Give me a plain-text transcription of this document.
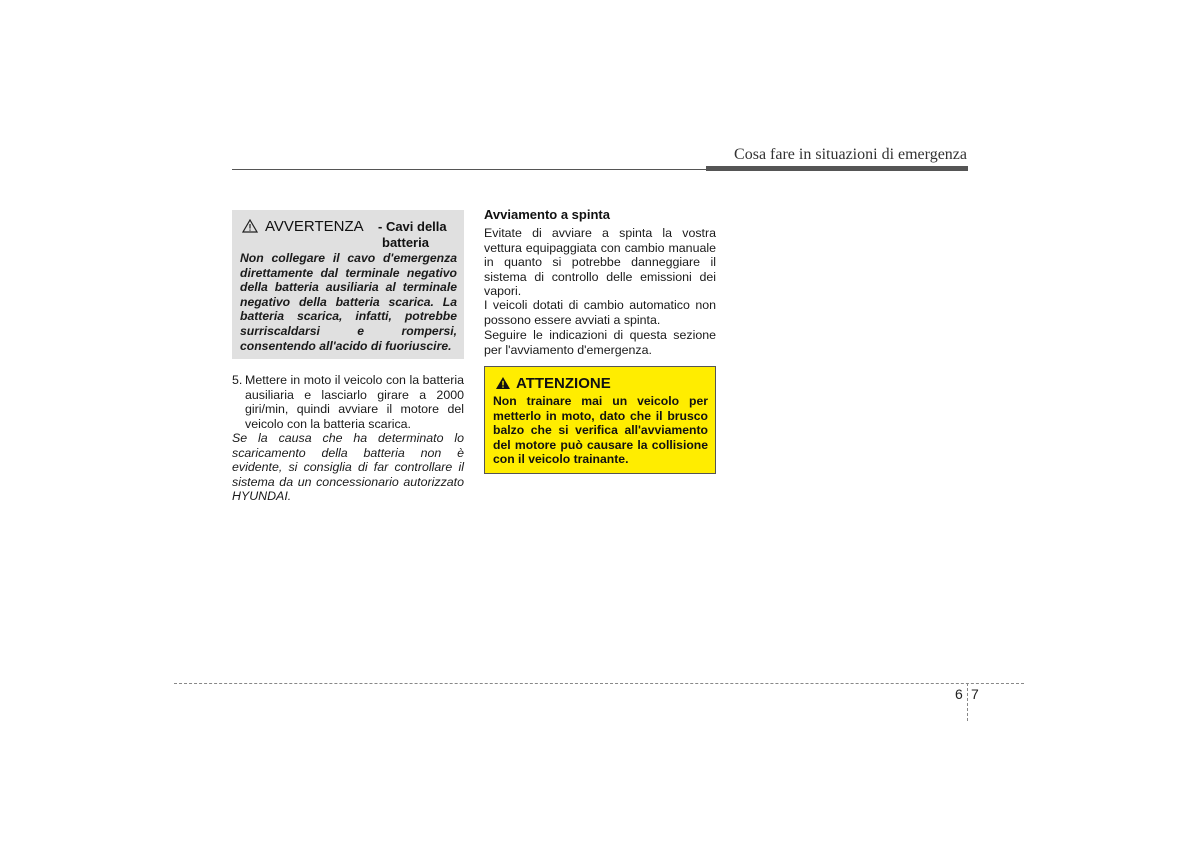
Cosa fare in situazioni di emergenza
AVVERTENZA - Cavi della
batteria

Non collegare il cavo d'emergenza direttamente dal terminale negativo della batteria ausiliaria al terminale negativo della batteria scarica. La batteria scarica, infatti, potrebbe surriscaldarsi e rompersi, consentendo all'acido di fuoriuscire.

5. Mettere in moto il veicolo con la batteria ausiliaria e lasciarlo girare a 2000 giri/min, quindi avviare il motore del veicolo con la batteria scarica.

Se la causa che ha determinato lo scaricamento della batteria non è evidente, si consiglia di far controllare il sistema da un concessionario autorizzato HYUNDAI.

Avviamento a spinta

Evitate di avviare a spinta la vostra vettura equipaggiata con cambio manuale in quanto si potrebbe danneggiare il sistema di controllo delle emissioni dei vapori.

I veicoli dotati di cambio automatico non possono essere avviati a spinta.

Seguire le indicazioni di questa sezione per l'avviamento d'emergenza.

ATTENZIONE

Non trainare mai un veicolo per metterlo in moto, dato che il brusco balzo che si verifica all'avviamento del motore può causare la collisione con il veicolo trainante.

6 7
